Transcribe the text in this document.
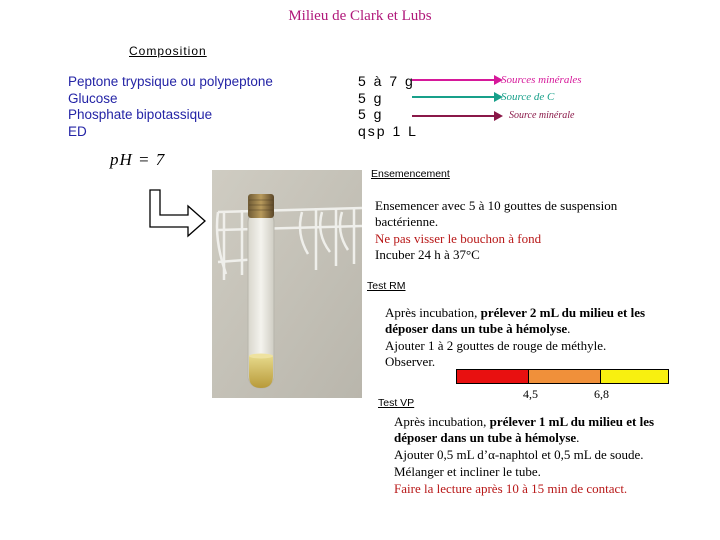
Milieu de Clark et Lubs
Composition
Peptone trypsique ou polypeptone
Glucose
Phosphate bipotassique
ED
5 à 7 g
5 g
5 g
qsp 1 L
Sources minérales
Source de C
Source minérale
pH = 7
Ensemencement
Ensemencer avec 5 à 10 gouttes de suspension
bactérienne.
Ne pas visser le bouchon à fond
Incuber 24 h à 37°C
Test RM
Après incubation, prélever 2 mL du milieu et les
déposer dans un tube à hémolyse.
Ajouter 1 à 2 gouttes de rouge de méthyle.
Observer.
4,5	6,8
Test VP
Après incubation, prélever 1 mL du milieu et les
déposer dans un tube à hémolyse.
Ajouter 0,5 mL d’α-naphtol et 0,5 mL de soude.
Mélanger et incliner le tube.
Faire la lecture après 10 à 15 min de contact.
